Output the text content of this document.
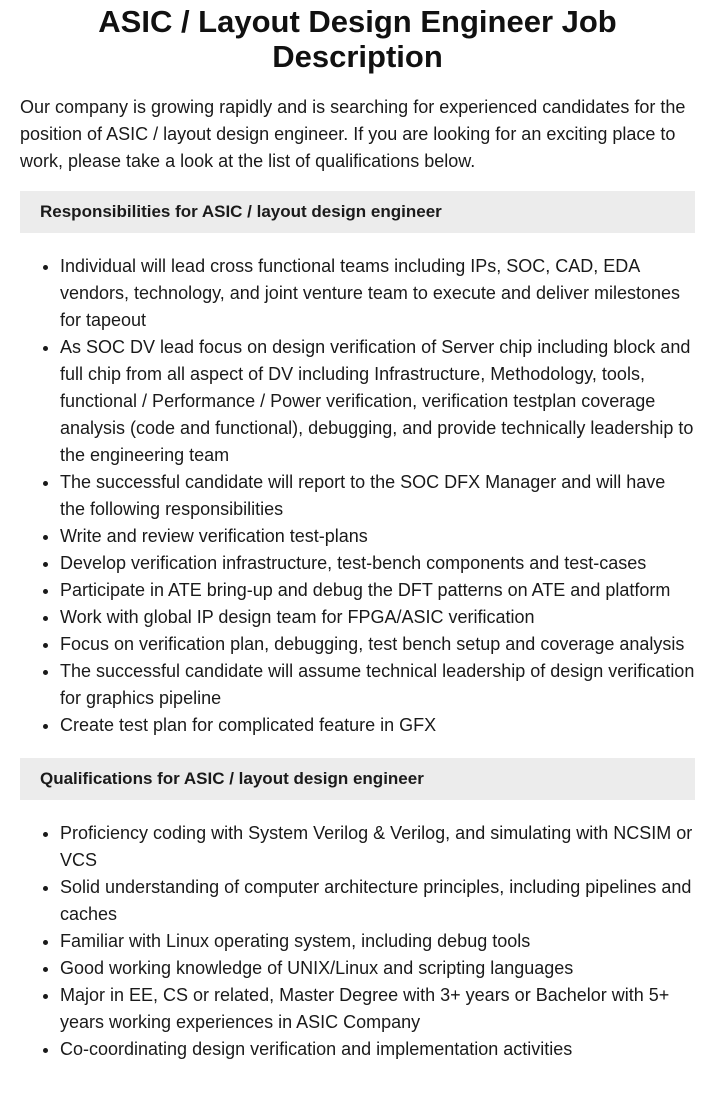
ASIC / Layout Design Engineer Job Description

Our company is growing rapidly and is searching for experienced candidates for the position of ASIC / layout design engineer. If you are looking for an exciting place to work, please take a look at the list of qualifications below.

Responsibilities for ASIC / layout design engineer
• Individual will lead cross functional teams including IPs, SOC, CAD, EDA vendors, technology, and joint venture team to execute and deliver milestones for tapeout
• As SOC DV lead focus on design verification of Server chip including block and full chip from all aspect of DV including Infrastructure, Methodology, tools, functional / Performance / Power verification, verification testplan coverage analysis (code and functional), debugging, and provide technically leadership to the engineering team
• The successful candidate will report to the SOC DFX Manager and will have the following responsibilities
• Write and review verification test-plans
• Develop verification infrastructure, test-bench components and test-cases
• Participate in ATE bring-up and debug the DFT patterns on ATE and platform
• Work with global IP design team for FPGA/ASIC verification
• Focus on verification plan, debugging, test bench setup and coverage analysis
• The successful candidate will assume technical leadership of design verification for graphics pipeline
• Create test plan for complicated feature in GFX
Qualifications for ASIC / layout design engineer
• Proficiency coding with System Verilog & Verilog, and simulating with NCSIM or VCS
• Solid understanding of computer architecture principles, including pipelines and caches
• Familiar with Linux operating system, including debug tools
• Good working knowledge of UNIX/Linux and scripting languages
• Major in EE, CS or related, Master Degree with 3+ years or Bachelor with 5+ years working experiences in ASIC Company
• Co-coordinating design verification and implementation activities
